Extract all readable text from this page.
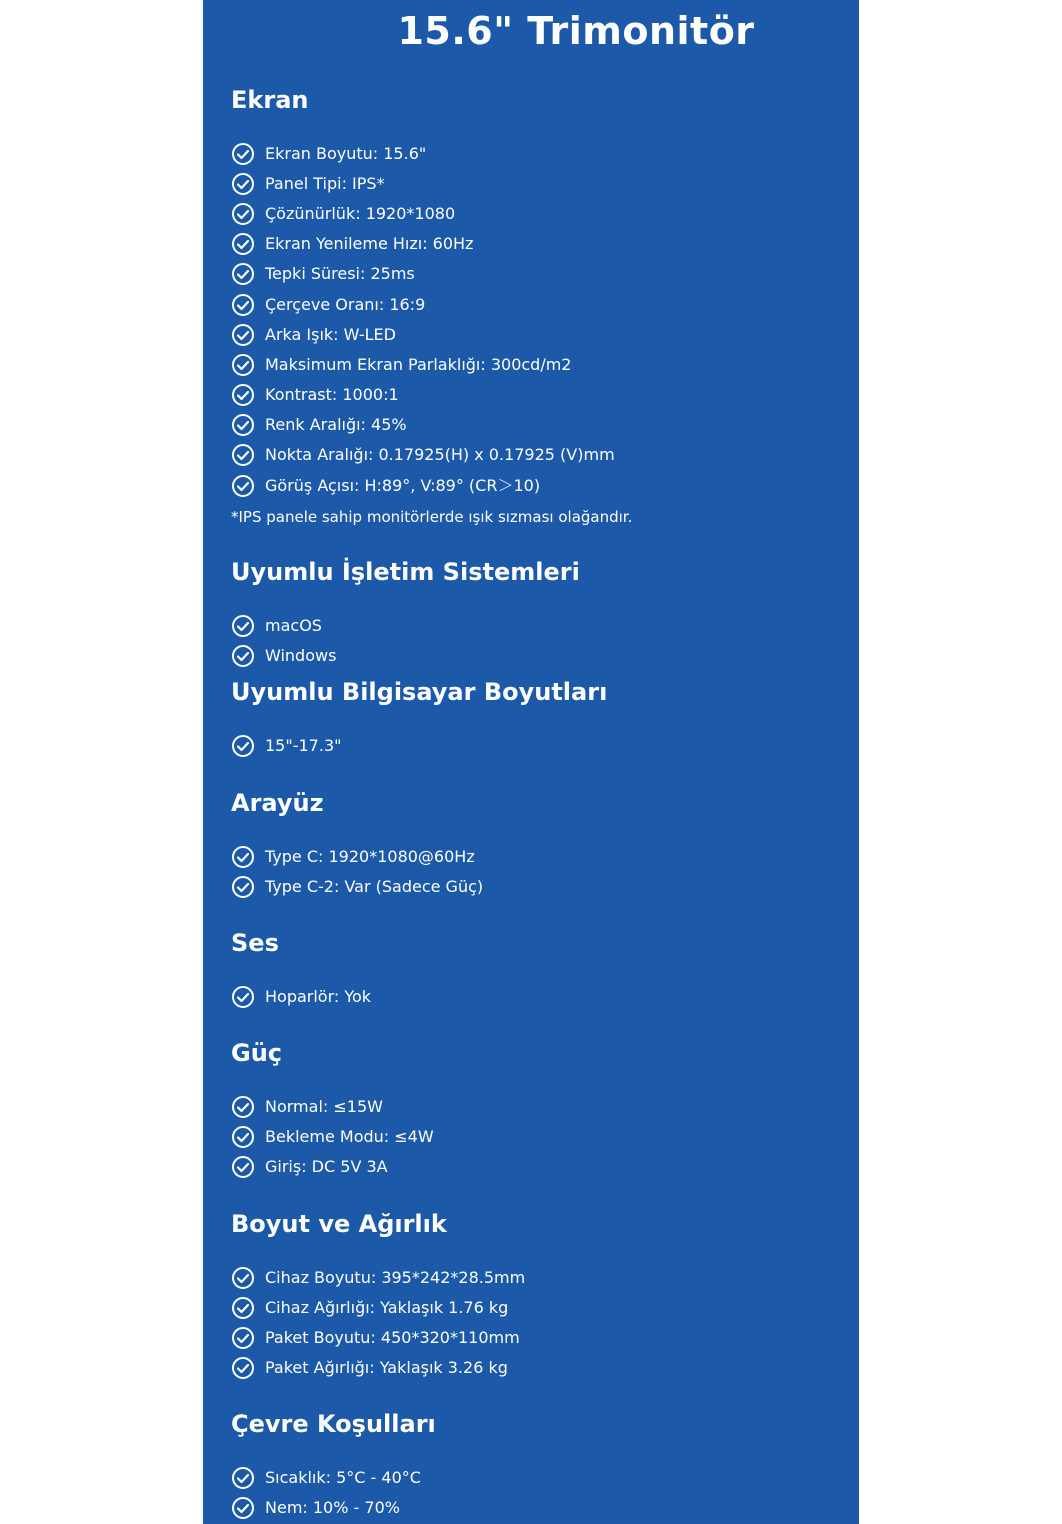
15.6" Trimonitör
Ekran
Ekran Boyutu: 15.6"
Panel Tipi: IPS*
Çözünürlük: 1920*1080
Ekran Yenileme Hızı: 60Hz
Tepki Süresi: 25ms
Çerçeve Oranı: 16:9
Arka Işık: W-LED
Maksimum Ekran Parlaklığı: 300cd/m2
Kontrast: 1000:1
Renk Aralığı: 45%
Nokta Aralığı: 0.17925(H) x 0.17925 (V)mm
Görüş Açısı: H:89°, V:89° (CR＞10)

*IPS panele sahip monitörlerde ışık sızması olağandır.

Uyumlu İşletim Sistemleri
macOS
Windows
Uyumlu Bilgisayar Boyutları
15"-17.3"
Arayüz
Type C: 1920*1080@60Hz
Type C-2: Var (Sadece Güç)
Ses
Hoparlör: Yok
Güç
Normal: ≤15W
Bekleme Modu: ≤4W
Giriş: DC 5V 3A
Boyut ve Ağırlık
Cihaz Boyutu: 395*242*28.5mm
Cihaz Ağırlığı: Yaklaşık 1.76 kg
Paket Boyutu: 450*320*110mm
Paket Ağırlığı: Yaklaşık 3.26 kg
Çevre Koşulları
Sıcaklık: 5°C - 40°C
Nem: 10% - 70%
